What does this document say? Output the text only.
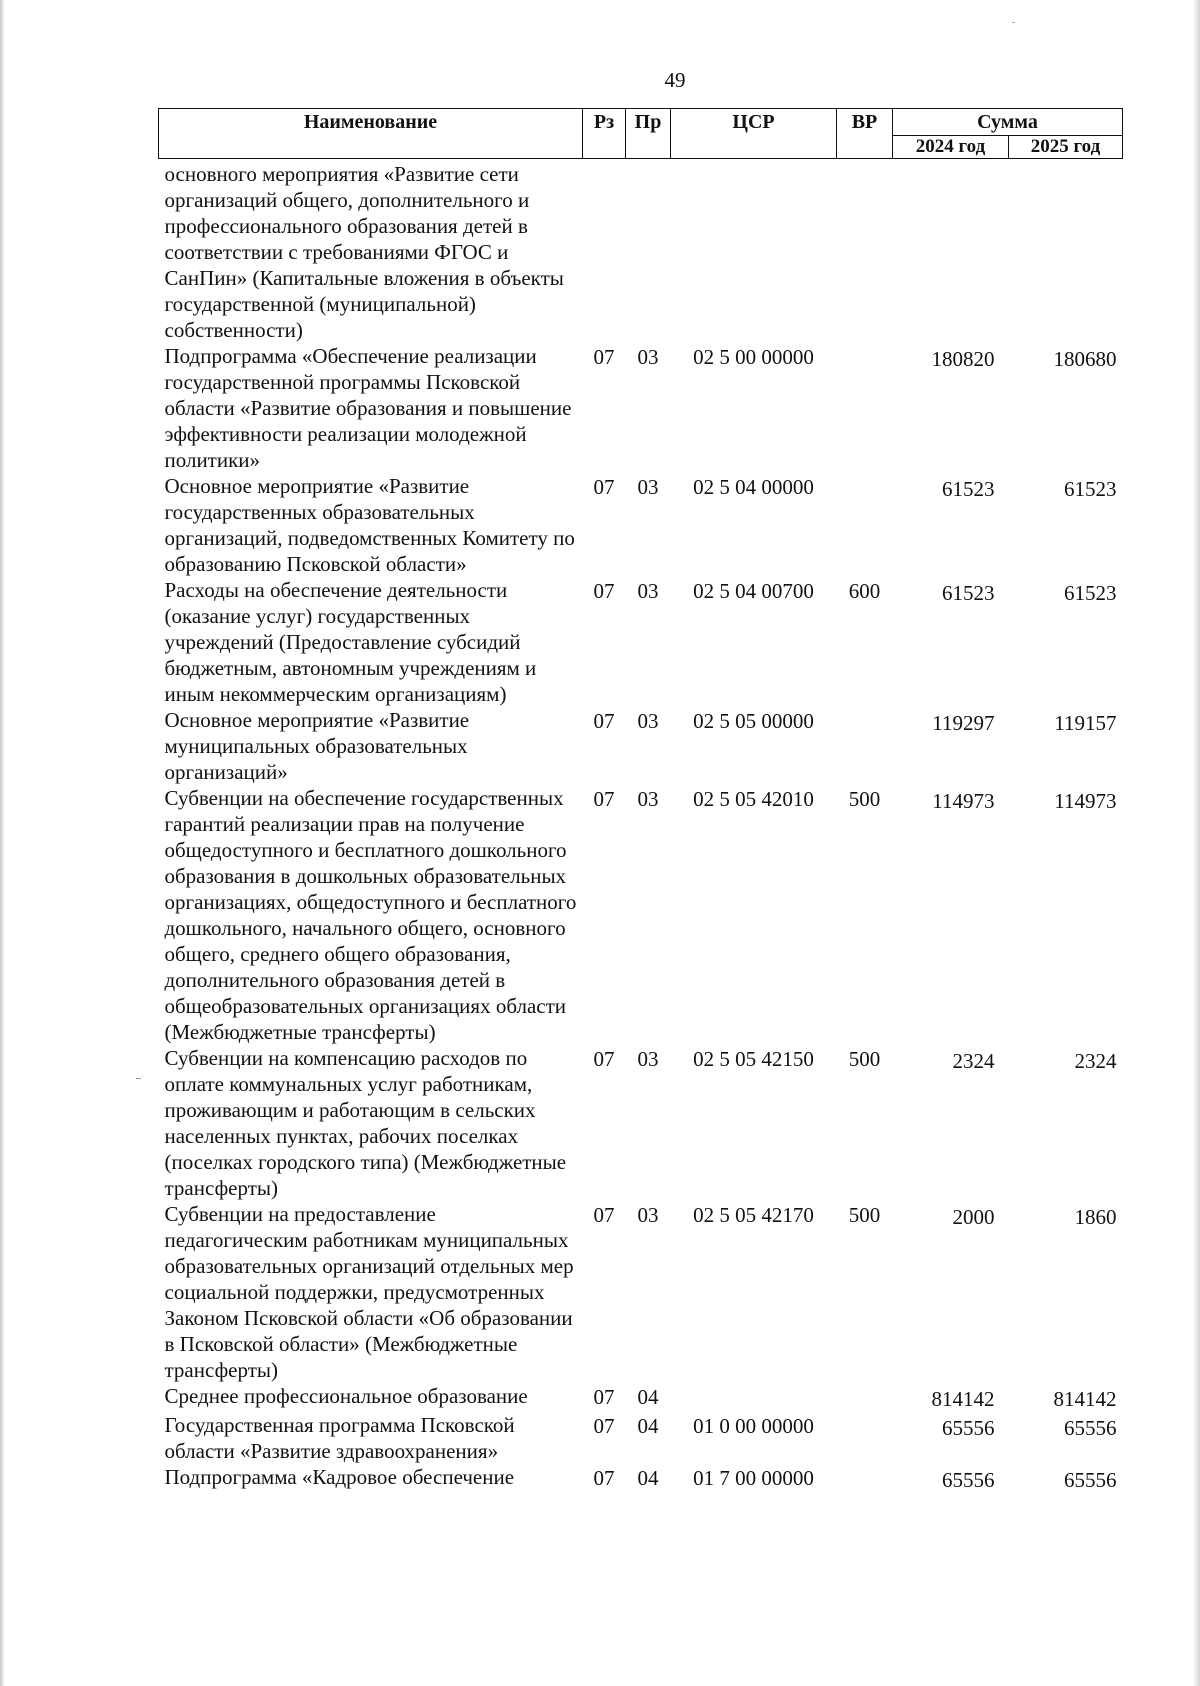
49
Наименование	Рз	Пр	ЦСР	ВР	Сумма	
					2024 год	2025 год
основного мероприятия «Развитие сети организаций общего, дополнительного и профессионального образования детей в соответствии с требованиями ФГОС и СанПин» (Капитальные вложения в объекты государственной (муниципальной) собственности)						
Подпрограмма «Обеспечение реализации государственной программы Псковской области «Развитие образования и повышение эффективности реализации молодежной политики»	07	03	02 5 00 00000		180820	180680
Основное мероприятие «Развитие государственных образовательных организаций, подведомственных Комитету по образованию Псковской области»	07	03	02 5 04 00000		61523	61523
Расходы на обеспечение деятельности (оказание услуг) государственных учреждений (Предоставление субсидий бюджетным, автономным учреждениям и иным некоммерческим организациям)	07	03	02 5 04 00700	600	61523	61523
Основное мероприятие «Развитие муниципальных образовательных организаций»	07	03	02 5 05 00000		119297	119157
Субвенции на обеспечение государственных гарантий реализации прав на получение общедоступного и бесплатного дошкольного образования в дошкольных образовательных организациях, общедоступного и бесплатного дошкольного, начального общего, основного общего, среднего общего образования, дополнительного образования детей в общеобразовательных организациях области (Межбюджетные трансферты)	07	03	02 5 05 42010	500	114973	114973
Субвенции на компенсацию расходов по оплате коммунальных услуг работникам, проживающим и работающим в сельских населенных пунктах, рабочих поселках (поселках городского типа) (Межбюджетные трансферты)	07	03	02 5 05 42150	500	2324	2324
Субвенции на предоставление педагогическим работникам муниципальных образовательных организаций отдельных мер социальной поддержки, предусмотренных Законом Псковской области «Об образовании в Псковской области» (Межбюджетные трансферты)	07	03	02 5 05 42170	500	2000	1860
Среднее профессиональное образование	07	04			814142	814142
Государственная программа Псковской области «Развитие здравоохранения»	07	04	01 0 00 00000		65556	65556
Подпрограмма «Кадровое обеспечение	07	04	01 7 00 00000		65556	65556
